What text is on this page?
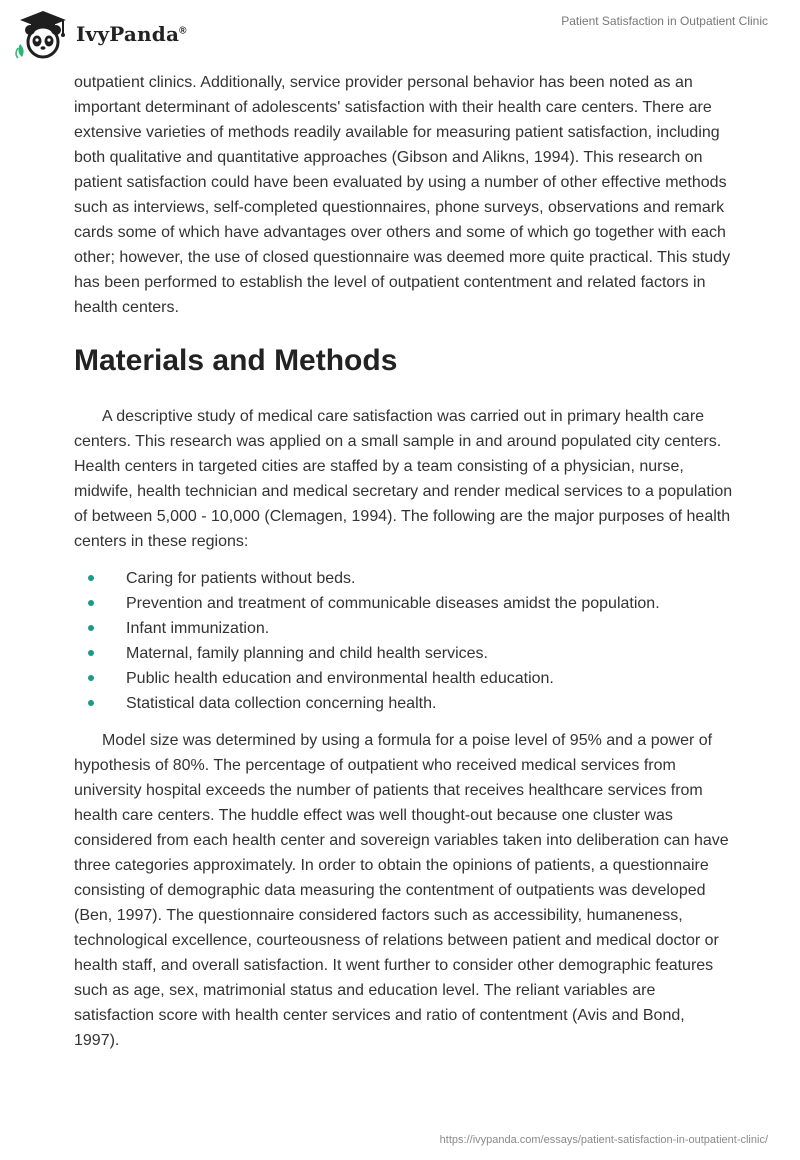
IvyPanda®
Patient Satisfaction in Outpatient Clinic

outpatient clinics. Additionally, service provider personal behavior has been noted as an important determinant of adolescents' satisfaction with their health care centers. There are extensive varieties of methods readily available for measuring patient satisfaction, including both qualitative and quantitative approaches (Gibson and Alikns, 1994). This research on patient satisfaction could have been evaluated by using a number of other effective methods such as interviews, self-completed questionnaires, phone surveys, observations and remark cards some of which have advantages over others and some of which go together with each other; however, the use of closed questionnaire was deemed more quite practical. This study has been performed to establish the level of outpatient contentment and related factors in health centers.

Materials and Methods

A descriptive study of medical care satisfaction was carried out in primary health care centers. This research was applied on a small sample in and around populated city centers. Health centers in targeted cities are staffed by a team consisting of a physician, nurse, midwife, health technician and medical secretary and render medical services to a population of between 5,000 - 10,000 (Clemagen, 1994). The following are the major purposes of health centers in these regions:

Caring for patients without beds.
Prevention and treatment of communicable diseases amidst the population.
Infant immunization.
Maternal, family planning and child health services.
Public health education and environmental health education.
Statistical data collection concerning health.

Model size was determined by using a formula for a poise level of 95% and a power of hypothesis of 80%. The percentage of outpatient who received medical services from university hospital exceeds the number of patients that receives healthcare services from health care centers. The huddle effect was well thought-out because one cluster was considered from each health center and sovereign variables taken into deliberation can have three categories approximately. In order to obtain the opinions of patients, a questionnaire consisting of demographic data measuring the contentment of outpatients was developed (Ben, 1997). The questionnaire considered factors such as accessibility, humaneness, technological excellence, courteousness of relations between patient and medical doctor or health staff, and overall satisfaction. It went further to consider other demographic features such as age, sex, matrimonial status and education level. The reliant variables are satisfaction score with health center services and ratio of contentment (Avis and Bond, 1997).

https://ivypanda.com/essays/patient-satisfaction-in-outpatient-clinic/
